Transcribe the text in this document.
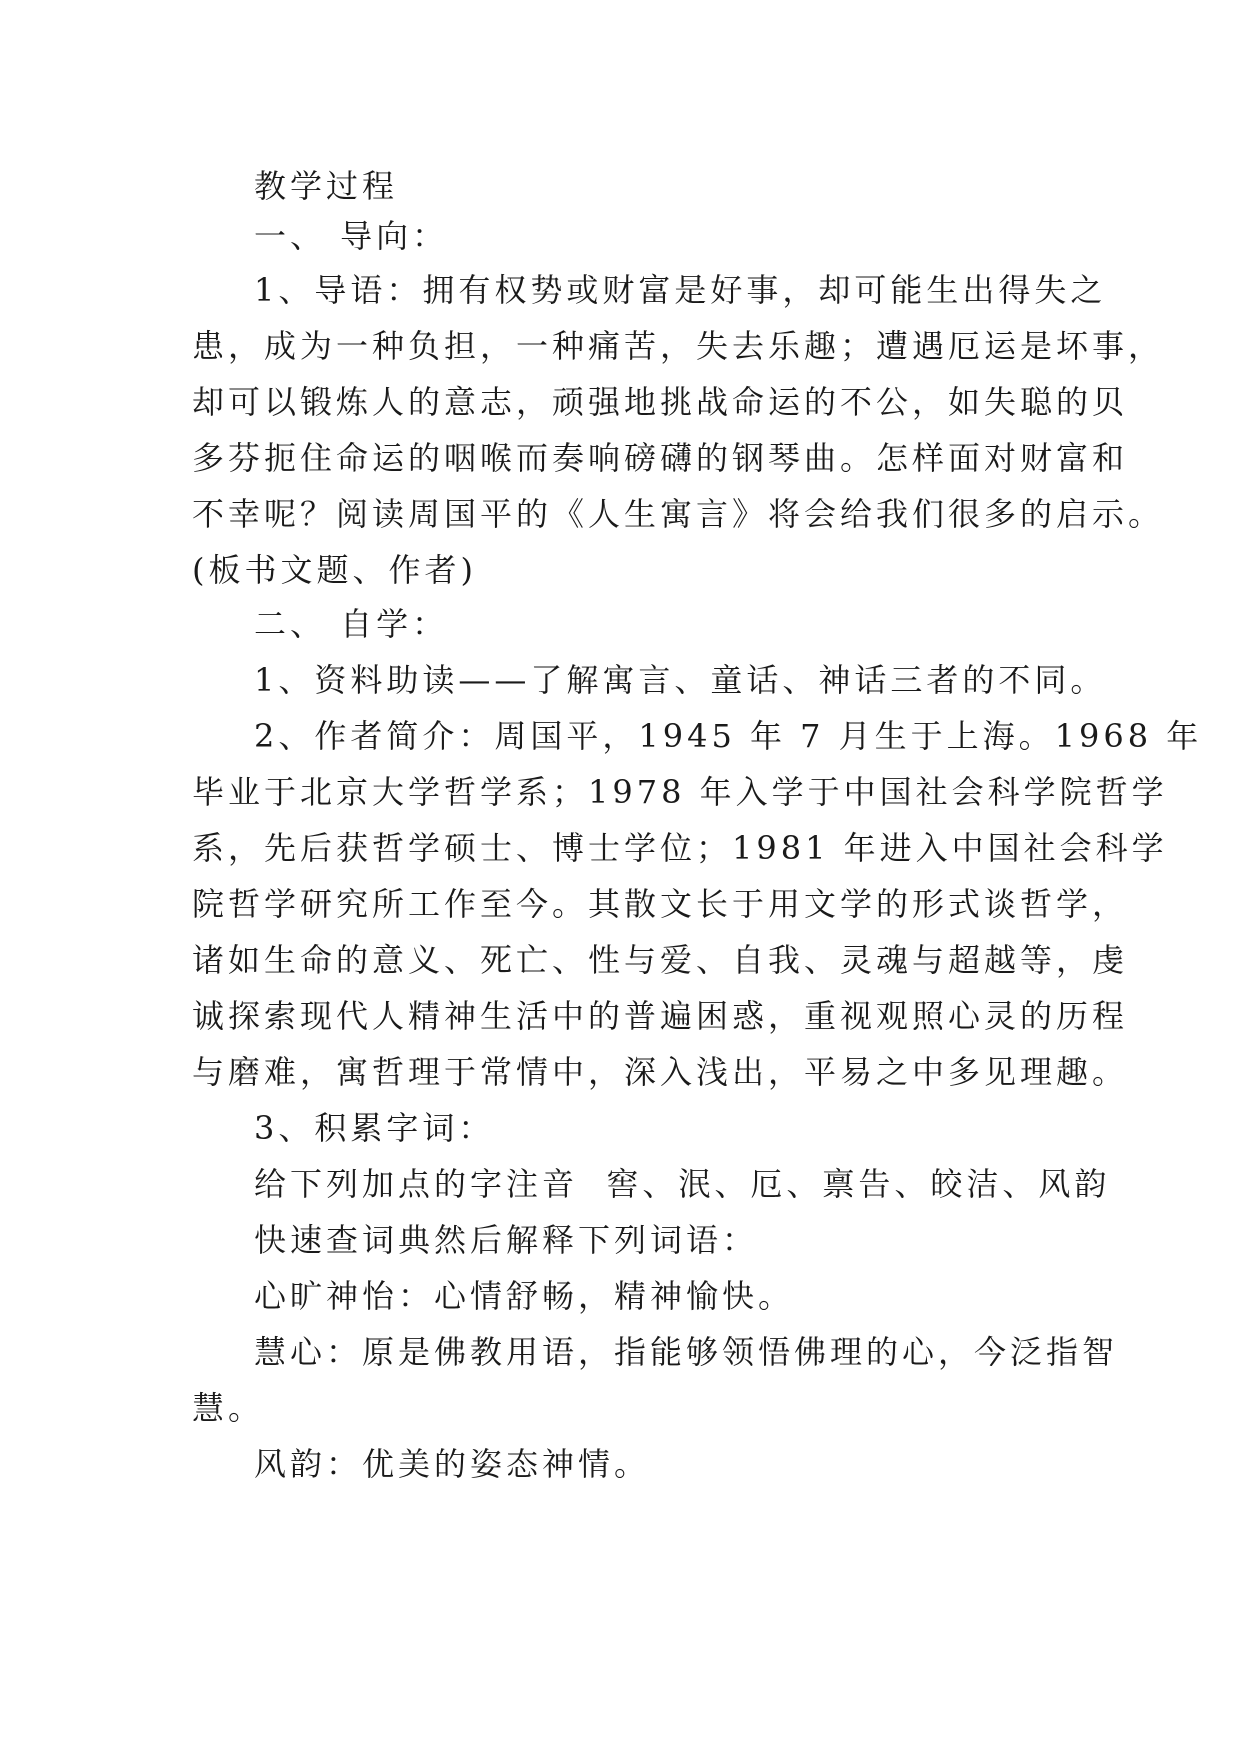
教学过程
一、 导向：
1、导语：拥有权势或财富是好事，却可能生出得失之
患，成为一种负担，一种痛苦，失去乐趣；遭遇厄运是坏事，
却可以锻炼人的意志，顽强地挑战命运的不公，如失聪的贝
多芬扼住命运的咽喉而奏响磅礴的钢琴曲。怎样面对财富和
不幸呢？阅读周国平的《人生寓言》将会给我们很多的启示。
(板书文题、作者)
二、 自学：
1、资料助读——了解寓言、童话、神话三者的不同。
2、作者简介：周国平，1945 年 7 月生于上海。1968 年
毕业于北京大学哲学系；1978 年入学于中国社会科学院哲学
系，先后获哲学硕士、博士学位；1981 年进入中国社会科学
院哲学研究所工作至今。其散文长于用文学的形式谈哲学，
诸如生命的意义、死亡、性与爱、自我、灵魂与超越等，虔
诚探索现代人精神生活中的普遍困惑，重视观照心灵的历程
与磨难，寓哲理于常情中，深入浅出，平易之中多见理趣。
3、积累字词：
给下列加点的字注音  窖、泯、厄、禀告、皎洁、风韵
快速查词典然后解释下列词语：
心旷神怡：心情舒畅，精神愉快。
慧心：原是佛教用语，指能够领悟佛理的心，今泛指智
慧。
风韵：优美的姿态神情。
